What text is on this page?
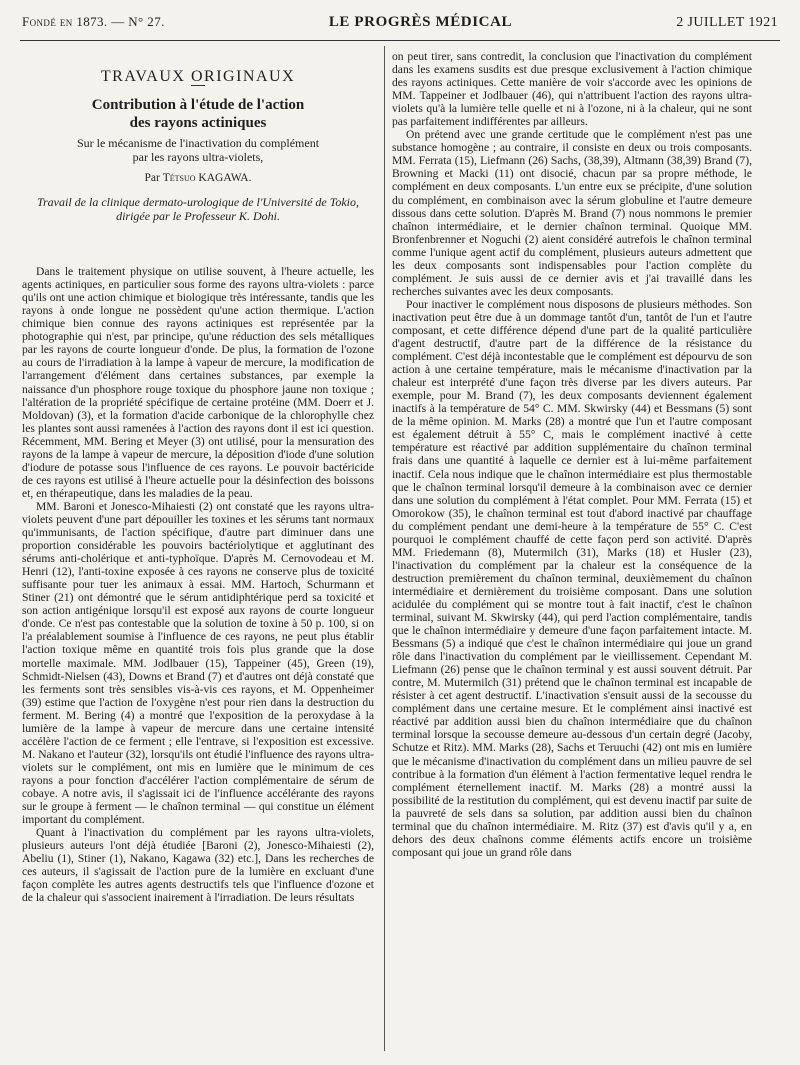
Fondé en 1873. — N° 27.	LE PROGRÈS MÉDICAL	2 JUILLET 1921
TRAVAUX ORIGINAUX

Contribution à l'étude de l'action
des rayons actiniques

Sur le mécanisme de l'inactivation du complément
par les rayons ultra-violets,

Par Tétsuo KAGAWA.

Travail de la clinique dermato-urologique de l'Université de Tokio,
dirigée par le Professeur K. Dohi.

Dans le traitement physique on utilise souvent, à l'heure actuelle, les agents actiniques, en particulier sous forme des rayons ultra-violets : parce qu'ils ont une action chimique et biologique très intéressante, tandis que les rayons à onde longue ne possèdent qu'une action thermique. L'action chimique bien connue des rayons actiniques est représentée par la photographie qui n'est, par principe, qu'une réduction des sels métalliques par les rayons de courte longueur d'onde. De plus, la formation de l'ozone au cours de l'irradiation à la lampe à vapeur de mercure, la modification de l'arrangement d'élément dans certaines substances, par exemple la naissance d'un phosphore rouge toxique du phosphore jaune non toxique ; l'altération de la propriété spécifique de certaine protéine (MM. Doerr et J. Moldovan) (3), et la formation d'acide carbonique de la chlorophylle chez les plantes sont aussi ramenées à l'action des rayons dont il est ici question. Récemment, MM. Bering et Meyer (3) ont utilisé, pour la mensuration des rayons de la lampe à vapeur de mercure, la déposition d'iode d'une solution d'iodure de potasse sous l'influence de ces rayons. Le pouvoir bactéricide de ces rayons est utilisé à l'heure actuelle pour la désinfection des boissons et, en thérapeutique, dans les maladies de la peau.

MM. Baroni et Jonesco-Mihaiesti (2) ont constaté que les rayons ultra-violets peuvent d'une part dépouiller les toxines et les sérums tant normaux qu'immunisants, de l'action spécifique, d'autre part diminuer dans une proportion considérable les pouvoirs bactériolytique et agglutinant des sérums anti-cholérique et anti-typhoïque. D'après M. Cernovodeau et M. Henri (12), l'anti-toxine exposée à ces rayons ne conserve plus de toxicité suffisante pour tuer les animaux à essai. MM. Hartoch, Schurmann et Stiner (21) ont démontré que le sérum antidiphtérique perd sa toxicité et son action antigénique lorsqu'il est exposé aux rayons de courte longueur d'onde. Ce n'est pas contestable que la solution de toxine à 50 p. 100, si on l'a préalablement soumise à l'influence de ces rayons, ne peut plus établir l'action toxique même en quantité trois fois plus grande que la dose mortelle maximale. MM. Jodlbauer (15), Tappeiner (45), Green (19), Schmidt-Nielsen (43), Downs et Brand (7) et d'autres ont déjà constaté que les ferments sont très sensibles vis-à-vis ces rayons, et M. Oppenheimer (39) estime que l'action de l'oxygène n'est pour rien dans la destruction du ferment. M. Bering (4) a montré que l'exposition de la peroxydase à la lumière de la lampe à vapeur de mercure dans une certaine intensité accélère l'action de ce ferment ; elle l'entrave, si l'exposition est excessive. M. Nakano et l'auteur (32), lorsqu'ils ont étudié l'influence des rayons ultra-violets sur le complément, ont mis en lumière que le minimum de ces rayons a pour fonction d'accélérer l'action complémentaire de sérum de cobaye. A notre avis, il s'agissait ici de l'influence accélérante des rayons sur le groupe à ferment — le chaînon terminal — qui constitue un élément important du complément.

Quant à l'inactivation du complément par les rayons ultra-violets, plusieurs auteurs l'ont déjà étudiée [Baroni (2), Jonesco-Mihaiesti (2), Abeliu (1), Stiner (1), Nakano, Kagawa (32) etc.], Dans les recherches de ces auteurs, il s'agissait de l'action pure de la lumière en excluant d'une façon complète les autres agents destructifs tels que l'influence d'ozone et de la chaleur qui s'associent inairement à l'irradiation. De leurs résultats

on peut tirer, sans contredit, la conclusion que l'inactivation du complément dans les examens susdits est due presque exclusivement à l'action chimique des rayons actiniques. Cette manière de voir s'accorde avec les opinions de MM. Tappeiner et Jodlbauer (46), qui n'attribuent l'action des rayons ultra-violets qu'à la lumière telle quelle et ni à l'ozone, ni à la chaleur, qui ne sont pas parfaitement indifférentes par ailleurs.

On prétend avec une grande certitude que le complément n'est pas une substance homogène ; au contraire, il consiste en deux ou trois composants. MM. Ferrata (15), Liefmann (26) Sachs, (38,39), Altmann (38,39) Brand (7), Browning et Macki (11) ont disocié, chacun par sa propre méthode, le complément en deux composants. L'un entre eux se précipite, d'une solution du complément, en combinaison avec la sérum globuline et l'autre demeure dissous dans cette solution. D'après M. Brand (7) nous nommons le premier chaînon intermédiaire, et le dernier chaînon terminal. Quoique MM. Bronfenbrenner et Noguchi (2) aient considéré autrefois le chaînon terminal comme l'unique agent actif du complément, plusieurs auteurs admettent que les deux composants sont indispensables pour l'action complète du complément. Je suis aussi de ce dernier avis et j'ai travaillé dans les recherches suivantes avec les deux composants.

Pour inactiver le complément nous disposons de plusieurs méthodes. Son inactivation peut être due à un dommage tantôt d'un, tantôt de l'un et l'autre composant, et cette différence dépend d'une part de la qualité particulière d'agent destructif, d'autre part de la différence de la résistance du complément. C'est déjà incontestable que le complément est dépourvu de son action à une certaine température, mais le mécanisme d'inactivation par la chaleur est interprété d'une façon très diverse par les divers auteurs. Par exemple, pour M. Brand (7), les deux composants deviennent également inactifs à la température de 54° C. MM. Skwirsky (44) et Bessmans (5) sont de la même opinion. M. Marks (28) a montré que l'un et l'autre composant est également détruit à 55° C, mais le complément inactivé à cette température est réactivé par addition supplémentaire du chaînon terminal frais dans une quantité à laquelle ce dernier est à lui-même parfaitement inactif. Cela nous indique que le chaînon intermédiaire est plus thermostable que le chaînon terminal lorsqu'il demeure à la combinaison avec ce dernier dans une solution du complément à l'état complet. Pour MM. Ferrata (15) et Omorokow (35), le chaînon terminal est tout d'abord inactivé par chauffage du complément pendant une demi-heure à la température de 55° C. C'est pourquoi le complément chauffé de cette façon perd son activité. D'après MM. Friedemann (8), Mutermilch (31), Marks (18) et Husler (23), l'inactivation du complément par la chaleur est la conséquence de la destruction premièrement du chaînon terminal, deuxièmement du chaînon intermédiaire et dernièrement du troisième composant. Dans une solution acidulée du complément qui se montre tout à fait inactif, c'est le chaînon terminal, suivant M. Skwirsky (44), qui perd l'action complémentaire, tandis que le chaînon intermédiaire y demeure d'une façon parfaitement intacte. M. Bessmans (5) a indiqué que c'est le chaînon intermédiaire qui joue un grand rôle dans l'inactivation du complément par le vieillissement. Cependant M. Liefmann (26) pense que le chaînon terminal y est aussi souvent détruit. Par contre, M. Mutermilch (31) prétend que le chaînon terminal est incapable de résister à cet agent destructif. L'inactivation s'ensuit aussi de la secousse du complément dans une certaine mesure. Et le complément ainsi inactivé est réactivé par addition aussi bien du chaînon intermédiaire que du chaînon terminal lorsque la secousse demeure au-dessous d'un certain degré (Jacoby, Schutze et Ritz). MM. Marks (28), Sachs et Teruuchi (42) ont mis en lumière que le mécanisme d'inactivation du complément dans un milieu pauvre de sel contribue à la formation d'un élément à l'action fermentative lequel rendra le complément éternellement inactif. M. Marks (28) a montré aussi la possibilité de la restitution du complément, qui est devenu inactif par suite de la pauvreté de sels dans sa solution, par addition aussi bien du chaînon terminal que du chaînon intermédiaire. M. Ritz (37) est d'avis qu'il y a, en dehors des deux chaînons comme éléments actifs encore un troisième composant qui joue un grand rôle dans
